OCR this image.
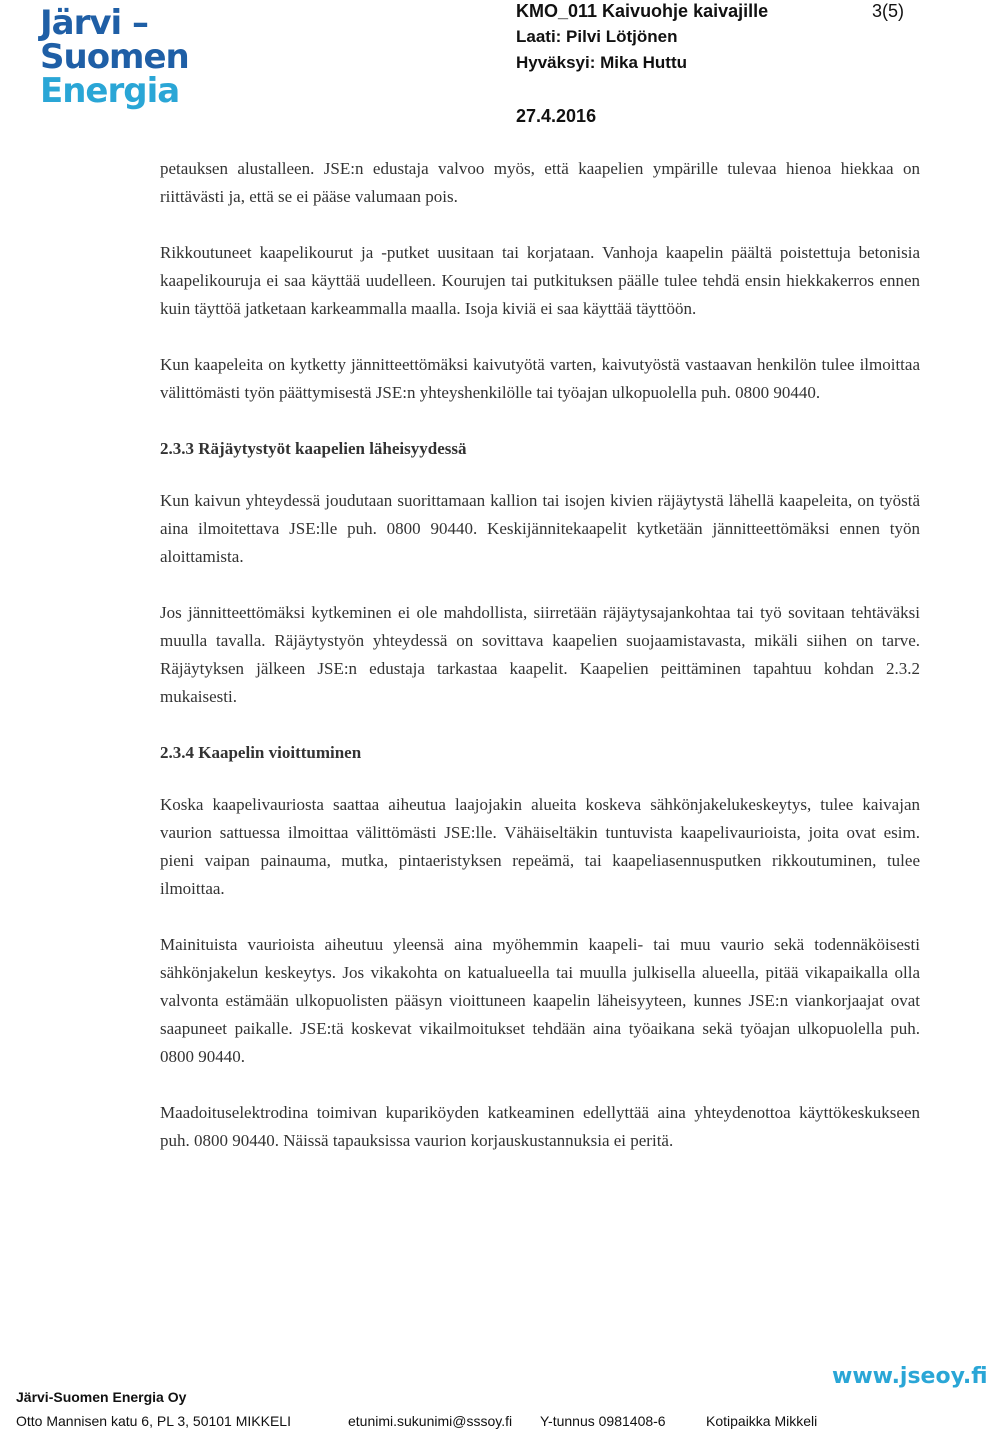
Järvi –
Suomen
Energia
KMO_011 Kaivuohje kaivajille	3(5)
Laati: Pilvi Lötjönen
Hyväksyi: Mika Huttu
27.4.2016

petauksen alustalleen. JSE:n edustaja valvoo myös, että kaapelien ympärille tulevaa hienoa hiekkaa on riittävästi ja, että se ei pääse valumaan pois.

Rikkoutuneet kaapelikourut ja -putket uusitaan tai korjataan. Vanhoja kaapelin päältä poistettuja betonisia kaapelikouruja ei saa käyttää uudelleen. Kourujen tai putkituksen päälle tulee tehdä ensin hiekkakerros ennen kuin täyttöä jatketaan karkeammalla maalla. Isoja kiviä ei saa käyttää täyttöön.

Kun kaapeleita on kytketty jännitteettömäksi kaivutyötä varten, kaivutyöstä vastaavan henkilön tulee ilmoittaa välittömästi työn päättymisestä JSE:n yhteyshenkilölle tai työajan ulkopuolella puh. 0800 90440.

2.3.3 Räjäytystyöt kaapelien läheisyydessä

Kun kaivun yhteydessä joudutaan suorittamaan kallion tai isojen kivien räjäytystä lähellä kaapeleita, on työstä aina ilmoitettava JSE:lle puh. 0800 90440. Keskijännitekaapelit kytketään jännitteettömäksi ennen työn aloittamista.

Jos jännitteettömäksi kytkeminen ei ole mahdollista, siirretään räjäytysajankohtaa tai työ sovitaan tehtäväksi muulla tavalla. Räjäytystyön yhteydessä on sovittava kaapelien suojaamistavasta, mikäli siihen on tarve. Räjäytyksen jälkeen JSE:n edustaja tarkastaa kaapelit. Kaapelien peittäminen tapahtuu kohdan 2.3.2 mukaisesti.

2.3.4 Kaapelin vioittuminen

Koska kaapelivauriosta saattaa aiheutua laajojakin alueita koskeva sähkönjakelukeskeytys, tulee kaivajan vaurion sattuessa ilmoittaa välittömästi JSE:lle. Vähäiseltäkin tuntuvista kaapelivaurioista, joita ovat esim. pieni vaipan painauma, mutka, pintaeristyksen repeämä, tai kaapeliasennusputken rikkoutuminen, tulee ilmoittaa.

Mainituista vaurioista aiheutuu yleensä aina myöhemmin kaapeli- tai muu vaurio sekä todennäköisesti sähkönjakelun keskeytys. Jos vikakohta on katualueella tai muulla julkisella alueella, pitää vikapaikalla olla valvonta estämään ulkopuolisten pääsyn vioittuneen kaapelin läheisyyteen, kunnes JSE:n viankorjaajat ovat saapuneet paikalle. JSE:tä koskevat vikailmoitukset tehdään aina työaikana sekä työajan ulkopuolella puh. 0800 90440.

Maadoituselektrodina toimivan kupariköyden katkeaminen edellyttää aina yhteydenottoa käyttökeskukseen puh. 0800 90440. Näissä tapauksissa vaurion korjauskustannuksia ei peritä.

www.jseoy.fi
Järvi-Suomen Energia Oy
Otto Mannisen katu 6, PL 3, 50101 MIKKELI	etunimi.sukunimi@sssoy.fi Y-tunnus 0981408-6	Kotipaikka Mikkeli
